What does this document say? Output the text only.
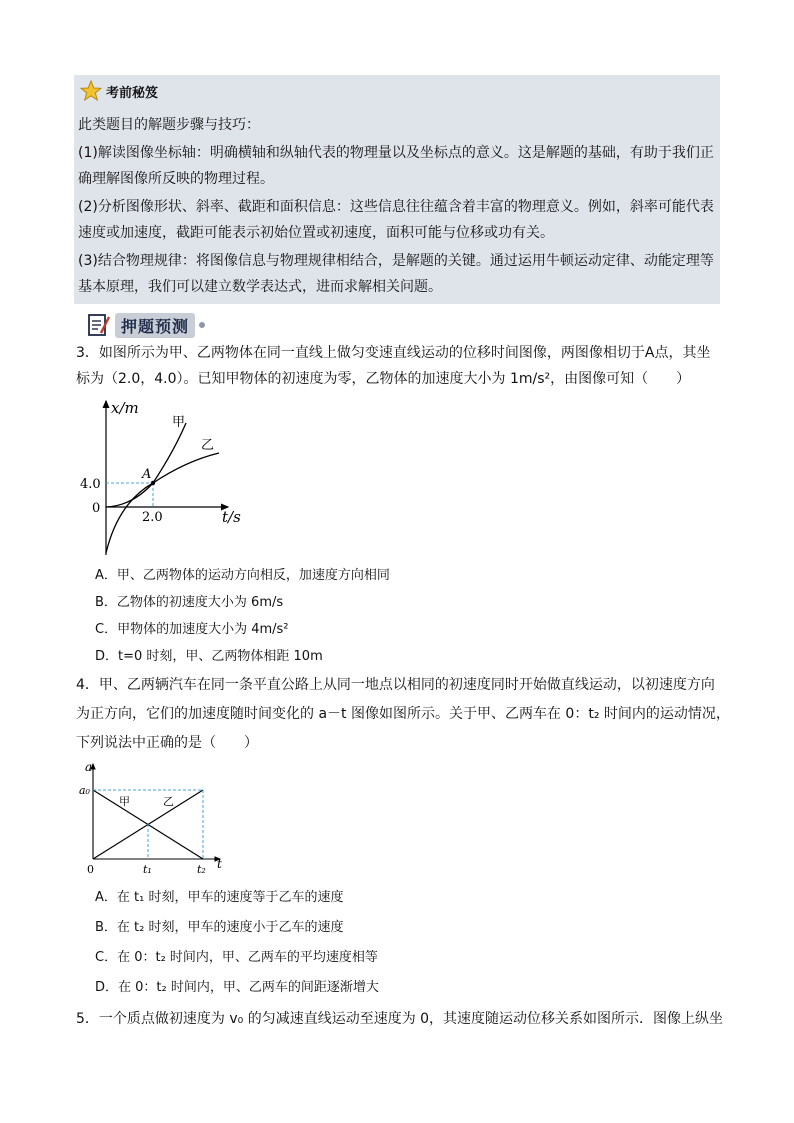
考前秘笈
此类题目的解题步骤与技巧：
(1)解读图像坐标轴：明确横轴和纵轴代表的物理量以及坐标点的意义。这是解题的基础，有助于我们正
确理解图像所反映的物理过程。
(2)分析图像形状、斜率、截距和面积信息：这些信息往往蕴含着丰富的物理意义。例如，斜率可能代表
速度或加速度，截距可能表示初始位置或初速度，面积可能与位移或功有关。
(3)结合物理规律：将图像信息与物理规律相结合，是解题的关键。通过运用牛顿运动定律、动能定理等
基本原理，我们可以建立数学表达式，进而求解相关问题。
押题预测
3．如图所示为甲、乙两物体在同一直线上做匀变速直线运动的位移时间图像，两图像相切于A点，其坐
标为（2.0，4.0）。已知甲物体的初速度为零，乙物体的加速度大小为 1m/s²，由图像可知（　　）
x/m
t/s
4.0
2.0
0
A
甲
乙
A．甲、乙两物体的运动方向相反，加速度方向相同
B．乙物体的初速度大小为 6m/s
C．甲物体的加速度大小为 4m/s²
D．t=0 时刻，甲、乙两物体相距 10m
4．甲、乙两辆汽车在同一条平直公路上从同一地点以相同的初速度同时开始做直线运动，以初速度方向
为正方向，它们的加速度随时间变化的 a－t 图像如图所示。关于甲、乙两车在 0：t₂ 时间内的运动情况，
下列说法中正确的是（　　）
a
t
a₀
t₁	t₂
0
甲	乙
A．在 t₁ 时刻，甲车的速度等于乙车的速度
B．在 t₂ 时刻，甲车的速度小于乙车的速度
C．在 0：t₂ 时间内，甲、乙两车的平均速度相等
D．在 0：t₂ 时间内，甲、乙两车的间距逐渐增大
5．一个质点做初速度为 v₀ 的匀减速直线运动至速度为 0，其速度随运动位移关系如图所示．图像上纵坐
